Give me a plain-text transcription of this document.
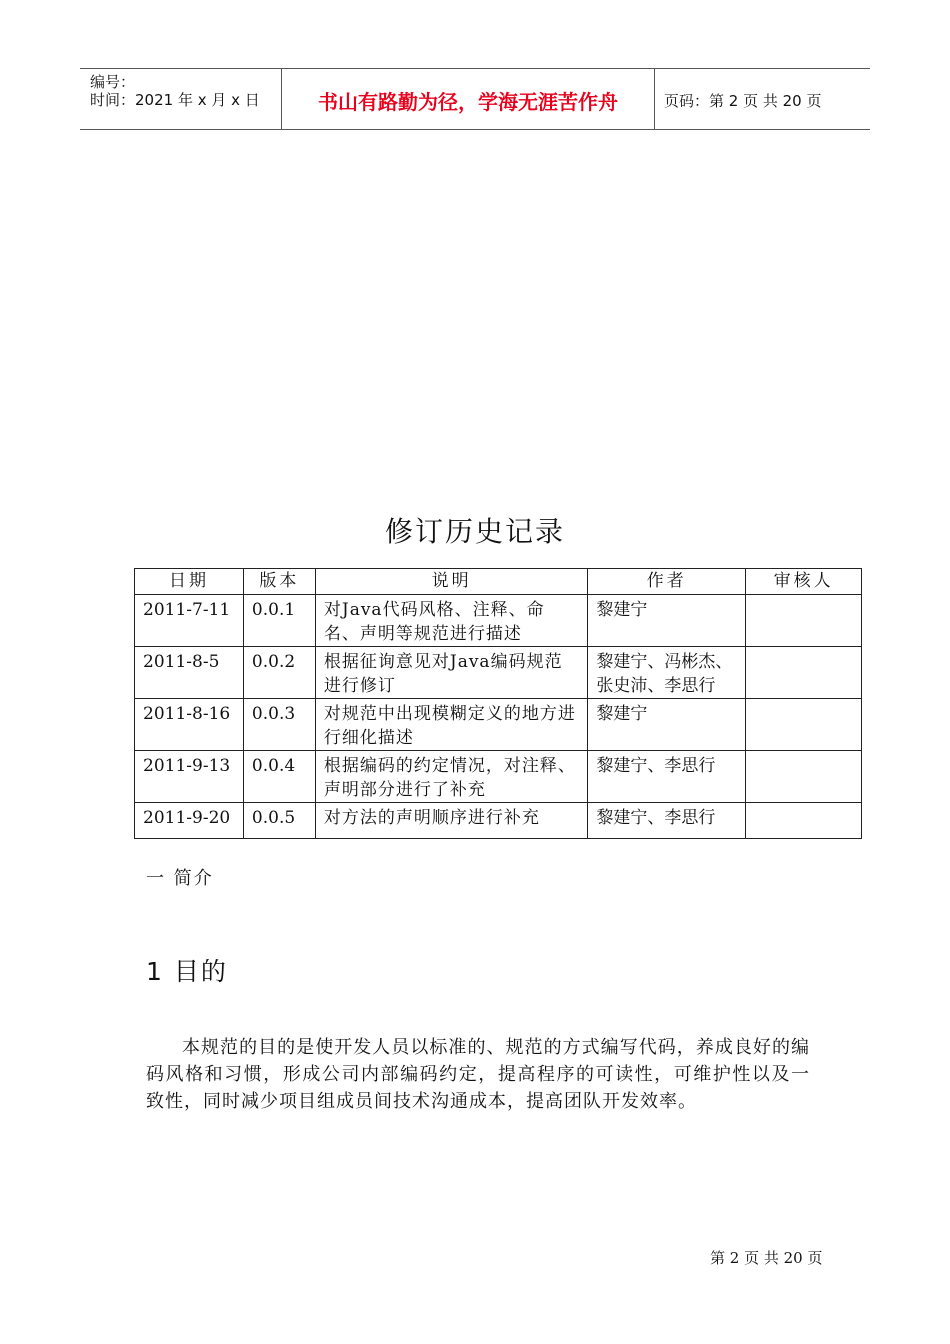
编号：
时间：2021 年 x 月 x 日	书山有路勤为径，学海无涯苦作舟	页码：第 2 页 共 20 页
修订历史记录
日期	版本	说明	作者	审核人
2011-7-11	0.0.1	对Java代码风格、注释、命名、声明等规范进行描述	黎建宁	
2011-8-5	0.0.2	根据征询意见对Java编码规范进行修订	黎建宁、冯彬杰、张史沛、李思行	
2011-8-16	0.0.3	对规范中出现模糊定义的地方进行细化描述	黎建宁	
2011-9-13	0.0.4	根据编码的约定情况，对注释、声明部分进行了补充	黎建宁、李思行	
2011-9-20	0.0.5	对方法的声明顺序进行补充	黎建宁、李思行	
一 简介
1 目的
本规范的目的是使开发人员以标准的、规范的方式编写代码，养成良好的编码风格和习惯，形成公司内部编码约定，提高程序的可读性，可维护性以及一致性，同时减少项目组成员间技术沟通成本，提高团队开发效率。
第 2 页 共 20 页
